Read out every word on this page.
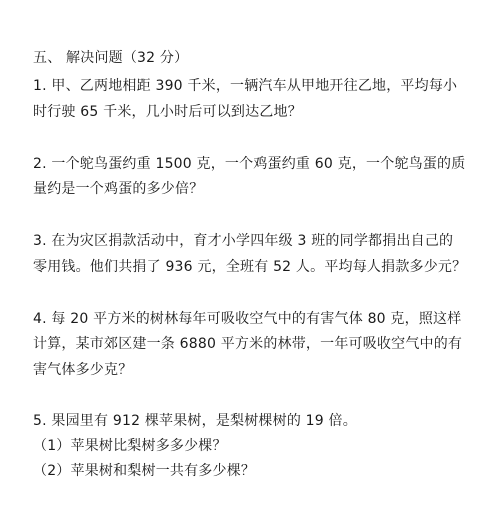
五、 解决问题（32 分）
1. 甲、乙两地相距 390 千米，一辆汽车从甲地开往乙地，平均每小
时行驶 65 千米，几小时后可以到达乙地？
2. 一个鸵鸟蛋约重 1500 克，一个鸡蛋约重 60 克，一个鸵鸟蛋的质
量约是一个鸡蛋的多少倍？
3. 在为灾区捐款活动中，育才小学四年级 3 班的同学都捐出自己的
零用钱。他们共捐了 936 元，全班有 52 人。平均每人捐款多少元？
4. 每 20 平方米的树林每年可吸收空气中的有害气体 80 克，照这样
计算，某市郊区建一条 6880 平方米的林带，一年可吸收空气中的有
害气体多少克？
5. 果园里有 912 棵苹果树，是梨树棵树的 19 倍。
（1）苹果树比梨树多多少棵？
（2）苹果树和梨树一共有多少棵？
